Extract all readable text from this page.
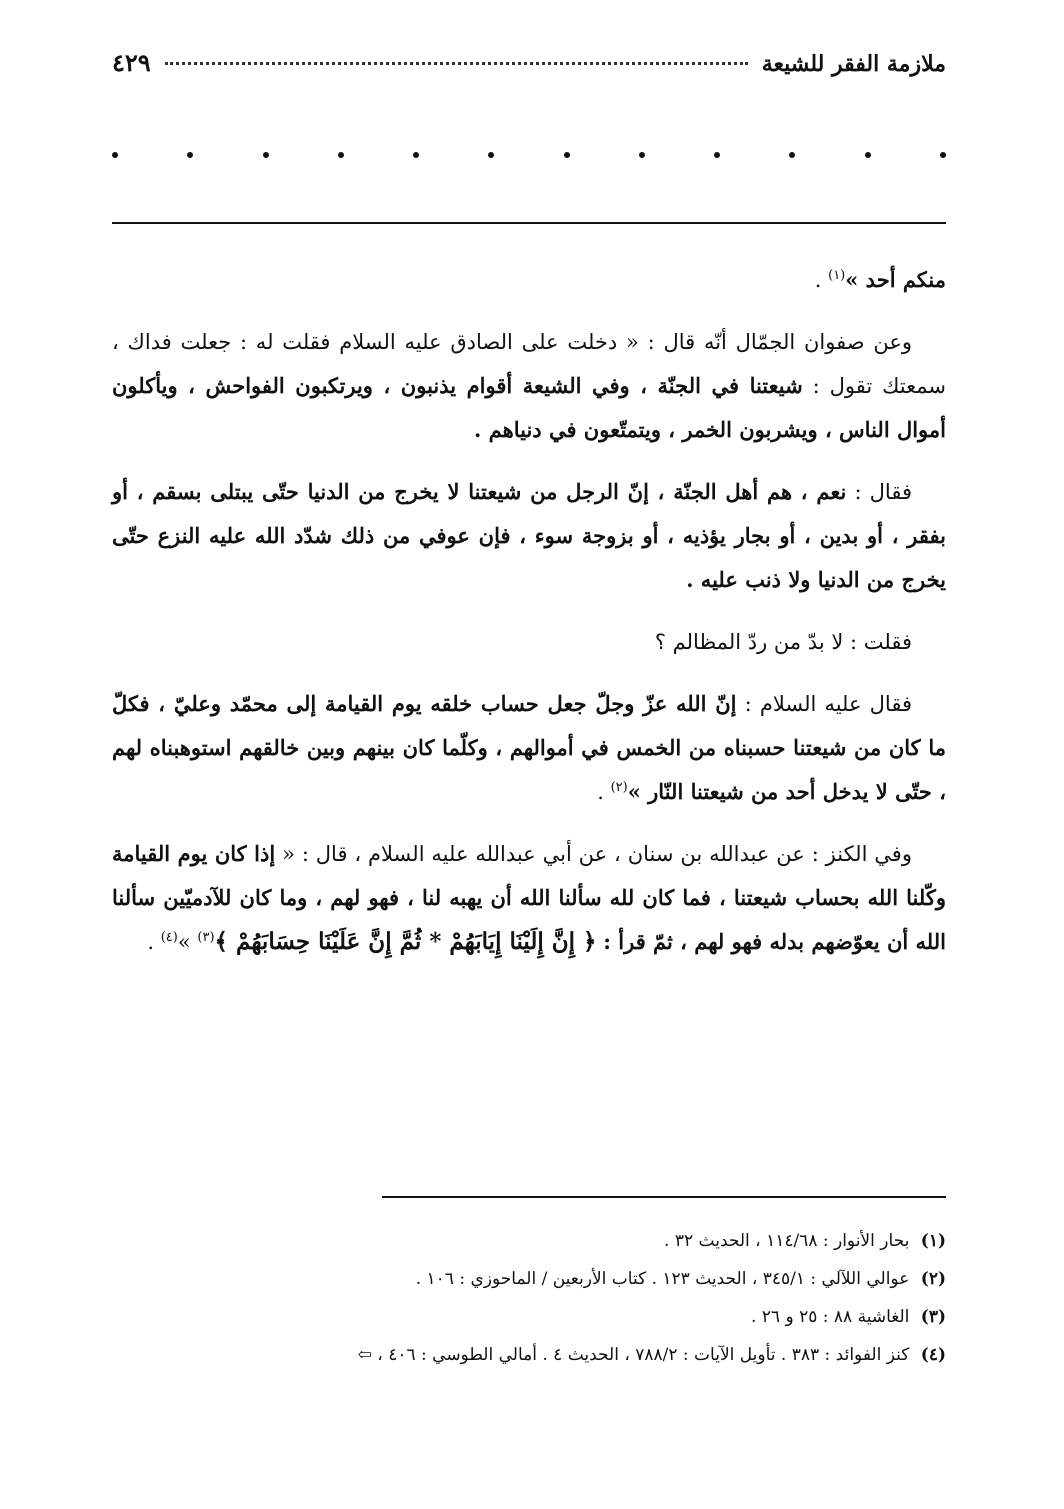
ملازمة الفقر للشيعة
٤٢٩

منكم أحد »$^{(١)}$ .

وعن صفوان الجمّال أنّه قال : « دخلت على الصادق عليه السلام فقلت له : جعلت فداك ، سمعتك تقول : شيعتنا في الجنّة ، وفي الشيعة أقوام يذنبون ، ويرتكبون الفواحش ، ويأكلون أموال الناس ، ويشربون الخمر ، ويتمتّعون في دنياهم .

فقال : نعم ، هم أهل الجنّة ، إنّ الرجل من شيعتنا لا يخرج من الدنيا حتّى يبتلى بسقم ، أو بفقر ، أو بدين ، أو بجار يؤذيه ، أو بزوجة سوء ، فإن عوفي من ذلك شدّد الله عليه النزع حتّى يخرج من الدنيا ولا ذنب عليه .

فقلت : لا بدّ من ردّ المظالم ؟

فقال عليه السلام : إنّ الله عزّ وجلّ جعل حساب خلقه يوم القيامة إلى محمّد وعليّ ، فكلّ ما كان من شيعتنا حسبناه من الخمس في أموالهم ، وكلّما كان بينهم وبين خالقهم استوهبناه لهم ، حتّى لا يدخل أحد من شيعتنا النّار »$^{(٢)}$ .

وفي الكنز : عن عبدالله بن سنان ، عن أبي عبدالله عليه السلام ، قال : « إذا كان يوم القيامة وكّلنا الله بحساب شيعتنا ، فما كان لله سألنا الله أن يهبه لنا ، فهو لهم ، وما كان للآدميّين سألنا الله أن يعوّضهم بدله فهو لهم ، ثمّ قرأ : ﴿ إِنَّ إِلَيْنَا إِيَابَهُمْ * ثُمَّ إِنَّ عَلَيْنَا حِسَابَهُمْ ﴾$^{(٣)}$ »$^{(٤)}$ .

(١) بحار الأنوار : ١١٤/٦٨ ، الحديث ٣٢ .

(٢) عوالي اللآلي : ٣٤٥/١ ، الحديث ١٢٣ . كتاب الأربعين / الماحوزي : ١٠٦ .

(٣) الغاشية ٨٨ : ٢٥ و ٢٦ .

(٤) كنز الفوائد : ٣٨٣ . تأويل الآيات : ٧٨٨/٢ ، الحديث ٤ . أمالي الطوسي : ٤٠٦ ، ⇦
